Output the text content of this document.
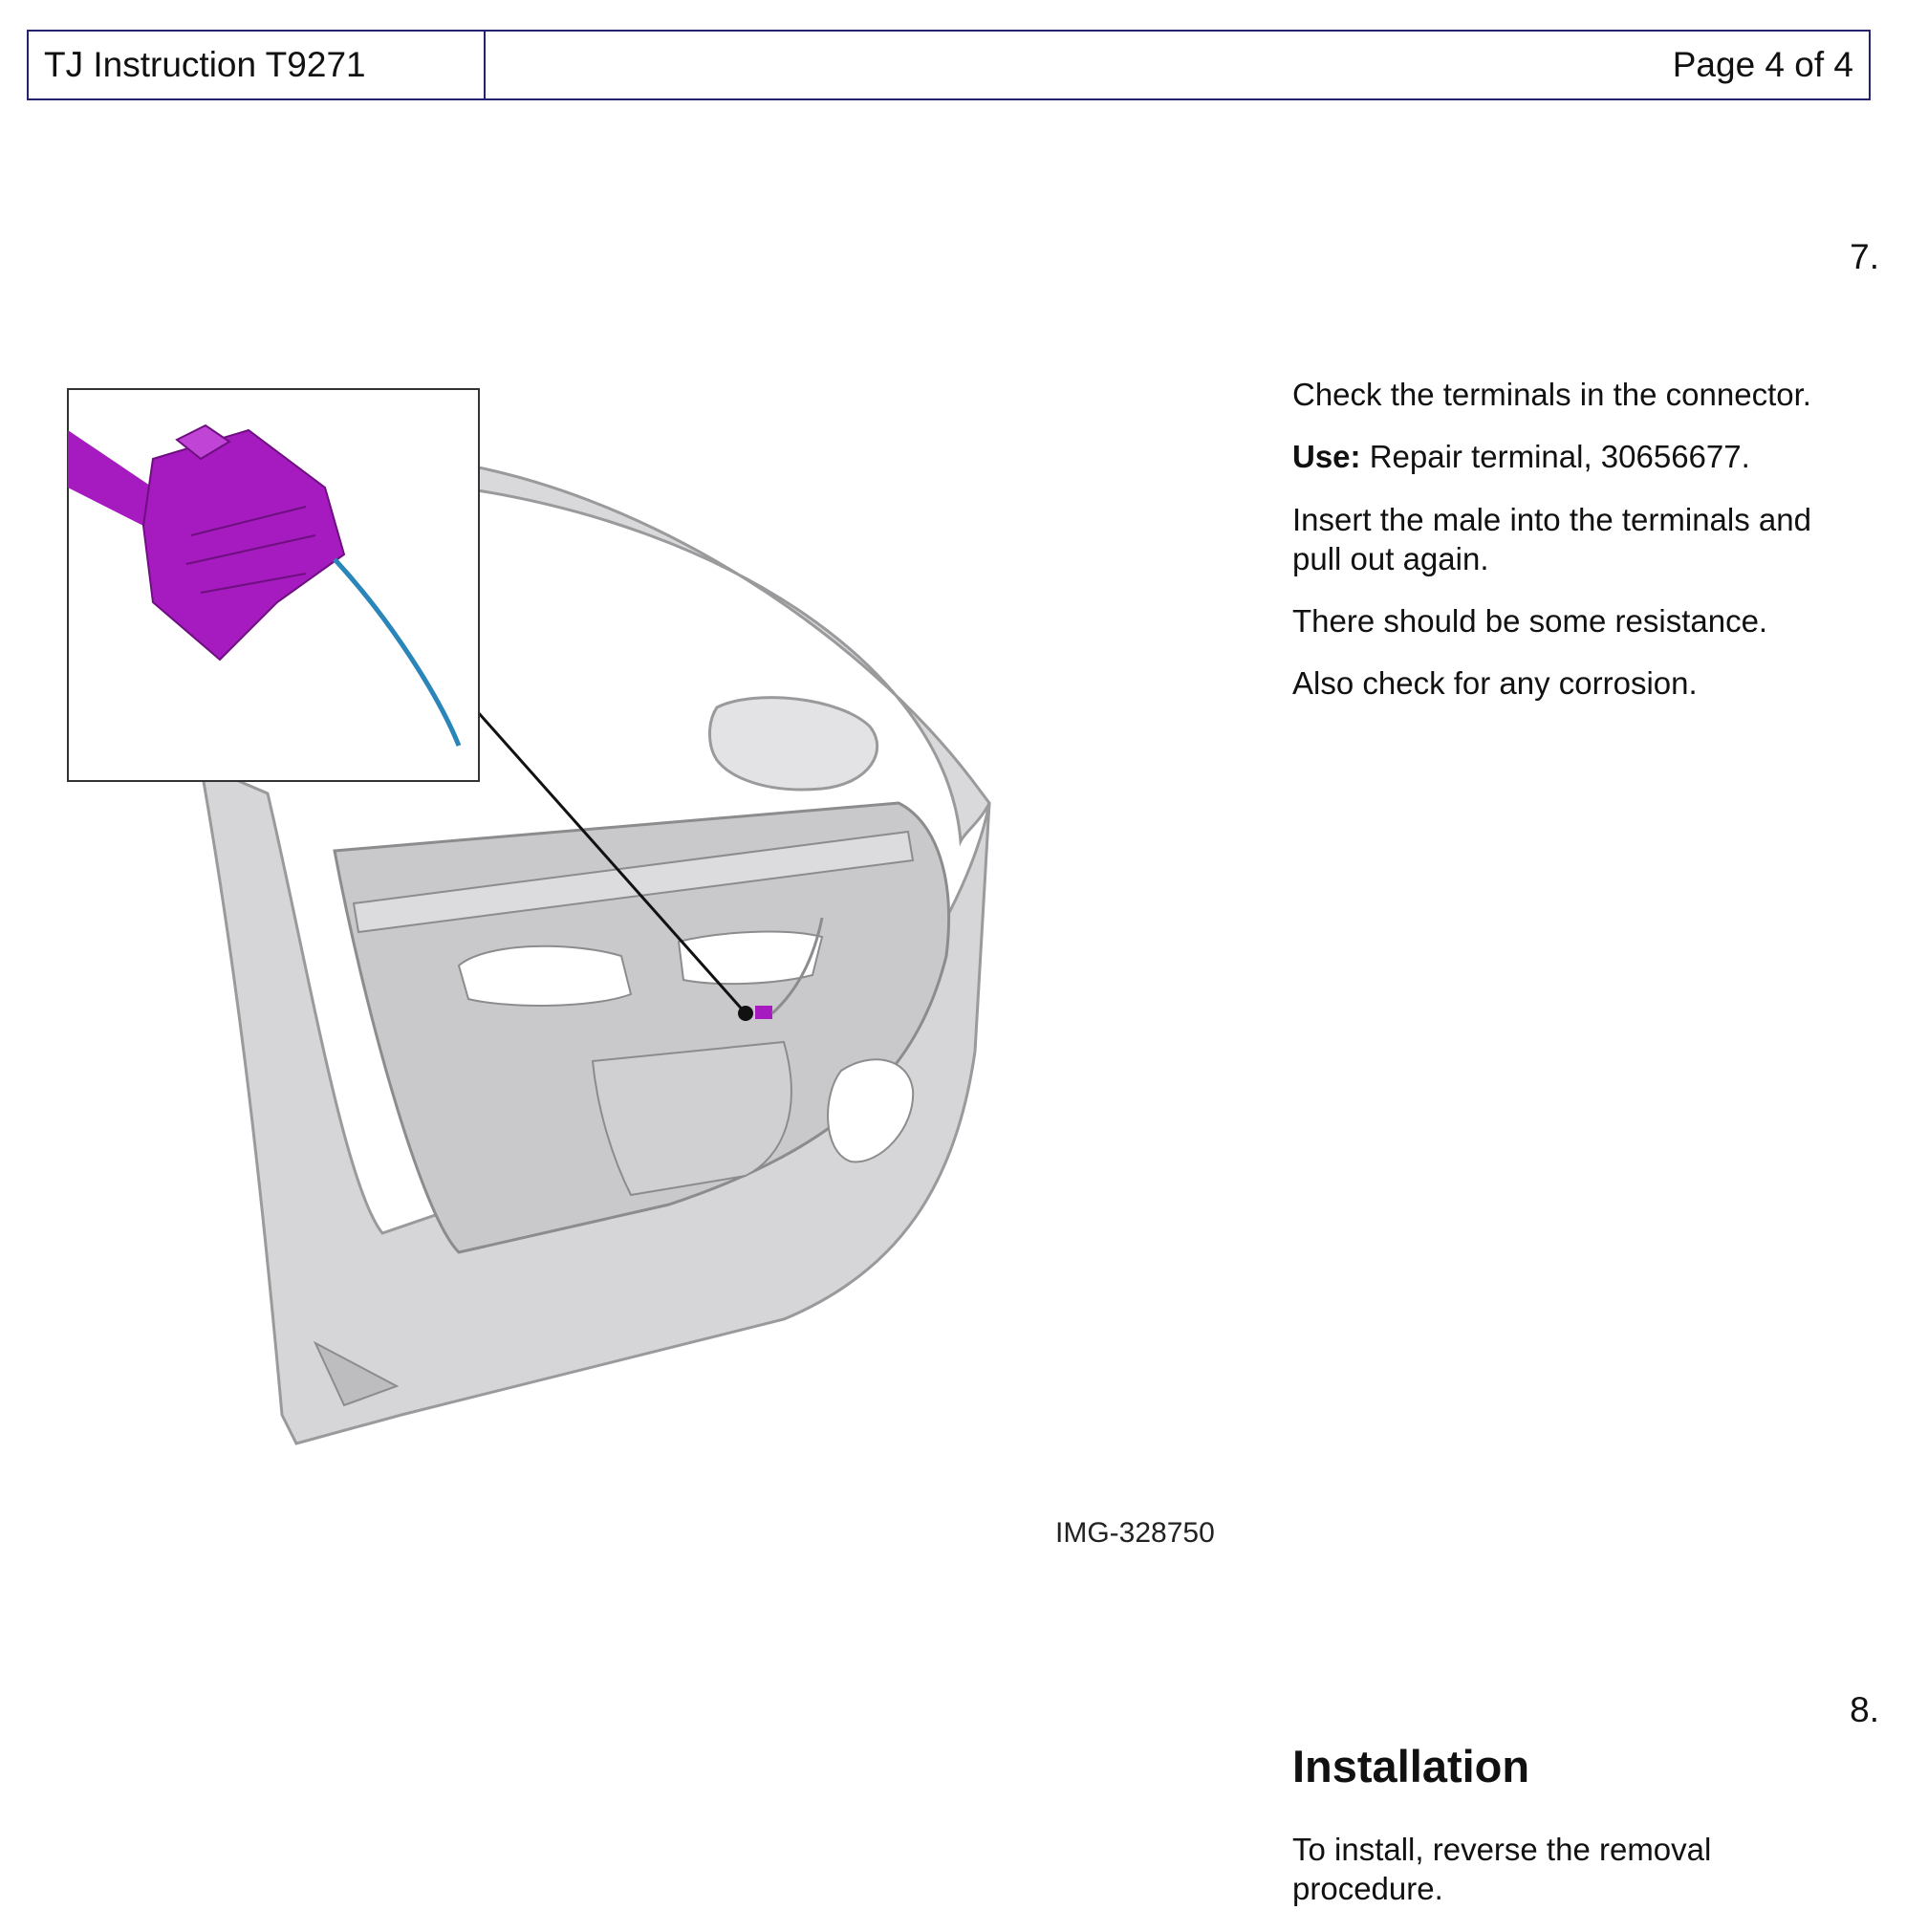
TJ Instruction T9271	Page 4 of 4
7.

Check the terminals in the connector.

Use: Repair terminal, 30656677.

Insert the male into the terminals and pull out again.

There should be some resistance.

Also check for any corrosion.

IMG-328750
8.
Installation

To install, reverse the removal procedure.
